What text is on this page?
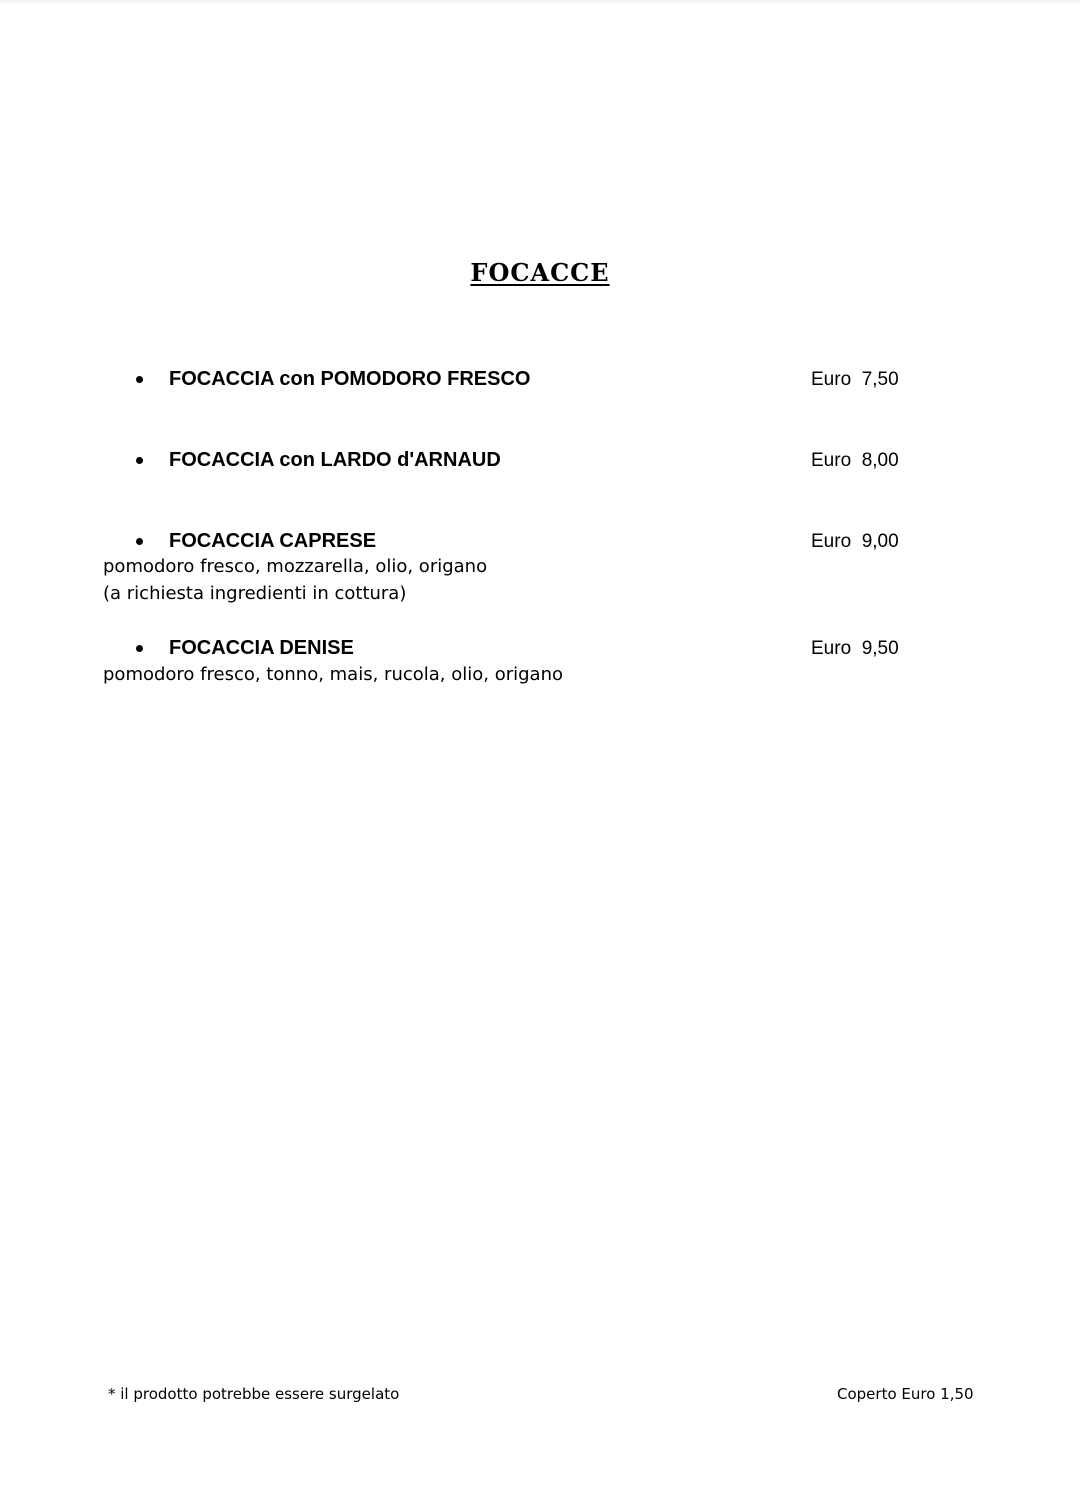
FOCACCE
FOCACCIA con POMODORO FRESCO	Euro  7,50
FOCACCIA con LARDO d'ARNAUD	Euro  8,00
FOCACCIA CAPRESE	Euro  9,00
pomodoro fresco, mozzarella, olio, origano
(a richiesta ingredienti in cottura)
FOCACCIA DENISE	Euro  9,50
pomodoro fresco, tonno, mais, rucola, olio, origano
* il prodotto potrebbe essere surgelato	Coperto Euro 1,50
